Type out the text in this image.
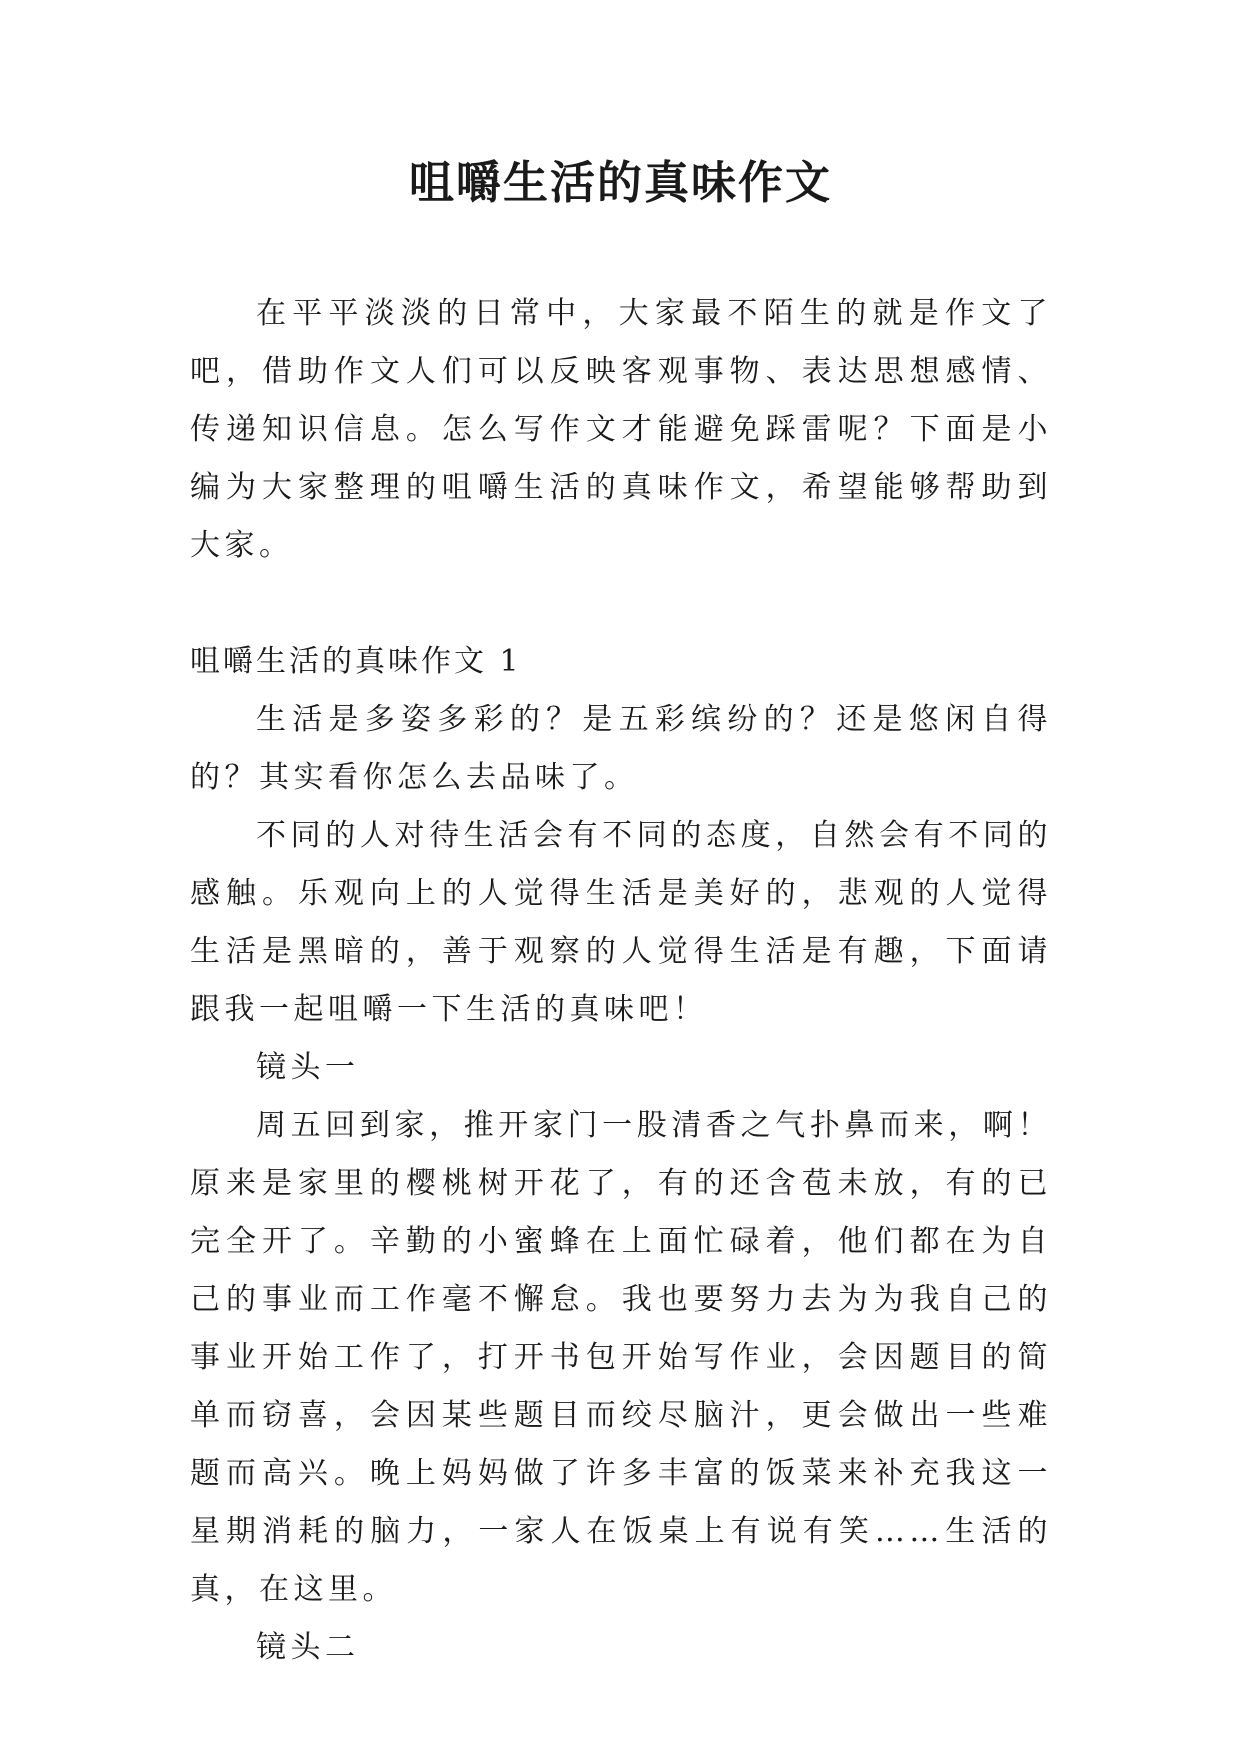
咀嚼生活的真味作文

在平平淡淡的日常中，大家最不陌生的就是作文了吧，借助作文人们可以反映客观事物、表达思想感情、传递知识信息。怎么写作文才能避免踩雷呢？下面是小编为大家整理的咀嚼生活的真味作文，希望能够帮助到大家。

咀嚼生活的真味作文 1

生活是多姿多彩的？是五彩缤纷的？还是悠闲自得的？其实看你怎么去品味了。

不同的人对待生活会有不同的态度，自然会有不同的感触。乐观向上的人觉得生活是美好的，悲观的人觉得生活是黑暗的，善于观察的人觉得生活是有趣，下面请跟我一起咀嚼一下生活的真味吧！

镜头一

周五回到家，推开家门一股清香之气扑鼻而来，啊！原来是家里的樱桃树开花了，有的还含苞未放，有的已完全开了。辛勤的小蜜蜂在上面忙碌着，他们都在为自己的事业而工作毫不懈怠。我也要努力去为为我自己的事业开始工作了，打开书包开始写作业，会因题目的简单而窃喜，会因某些题目而绞尽脑汁，更会做出一些难题而高兴。晚上妈妈做了许多丰富的饭菜来补充我这一星期消耗的脑力，一家人在饭桌上有说有笑……生活的真，在这里。

镜头二
